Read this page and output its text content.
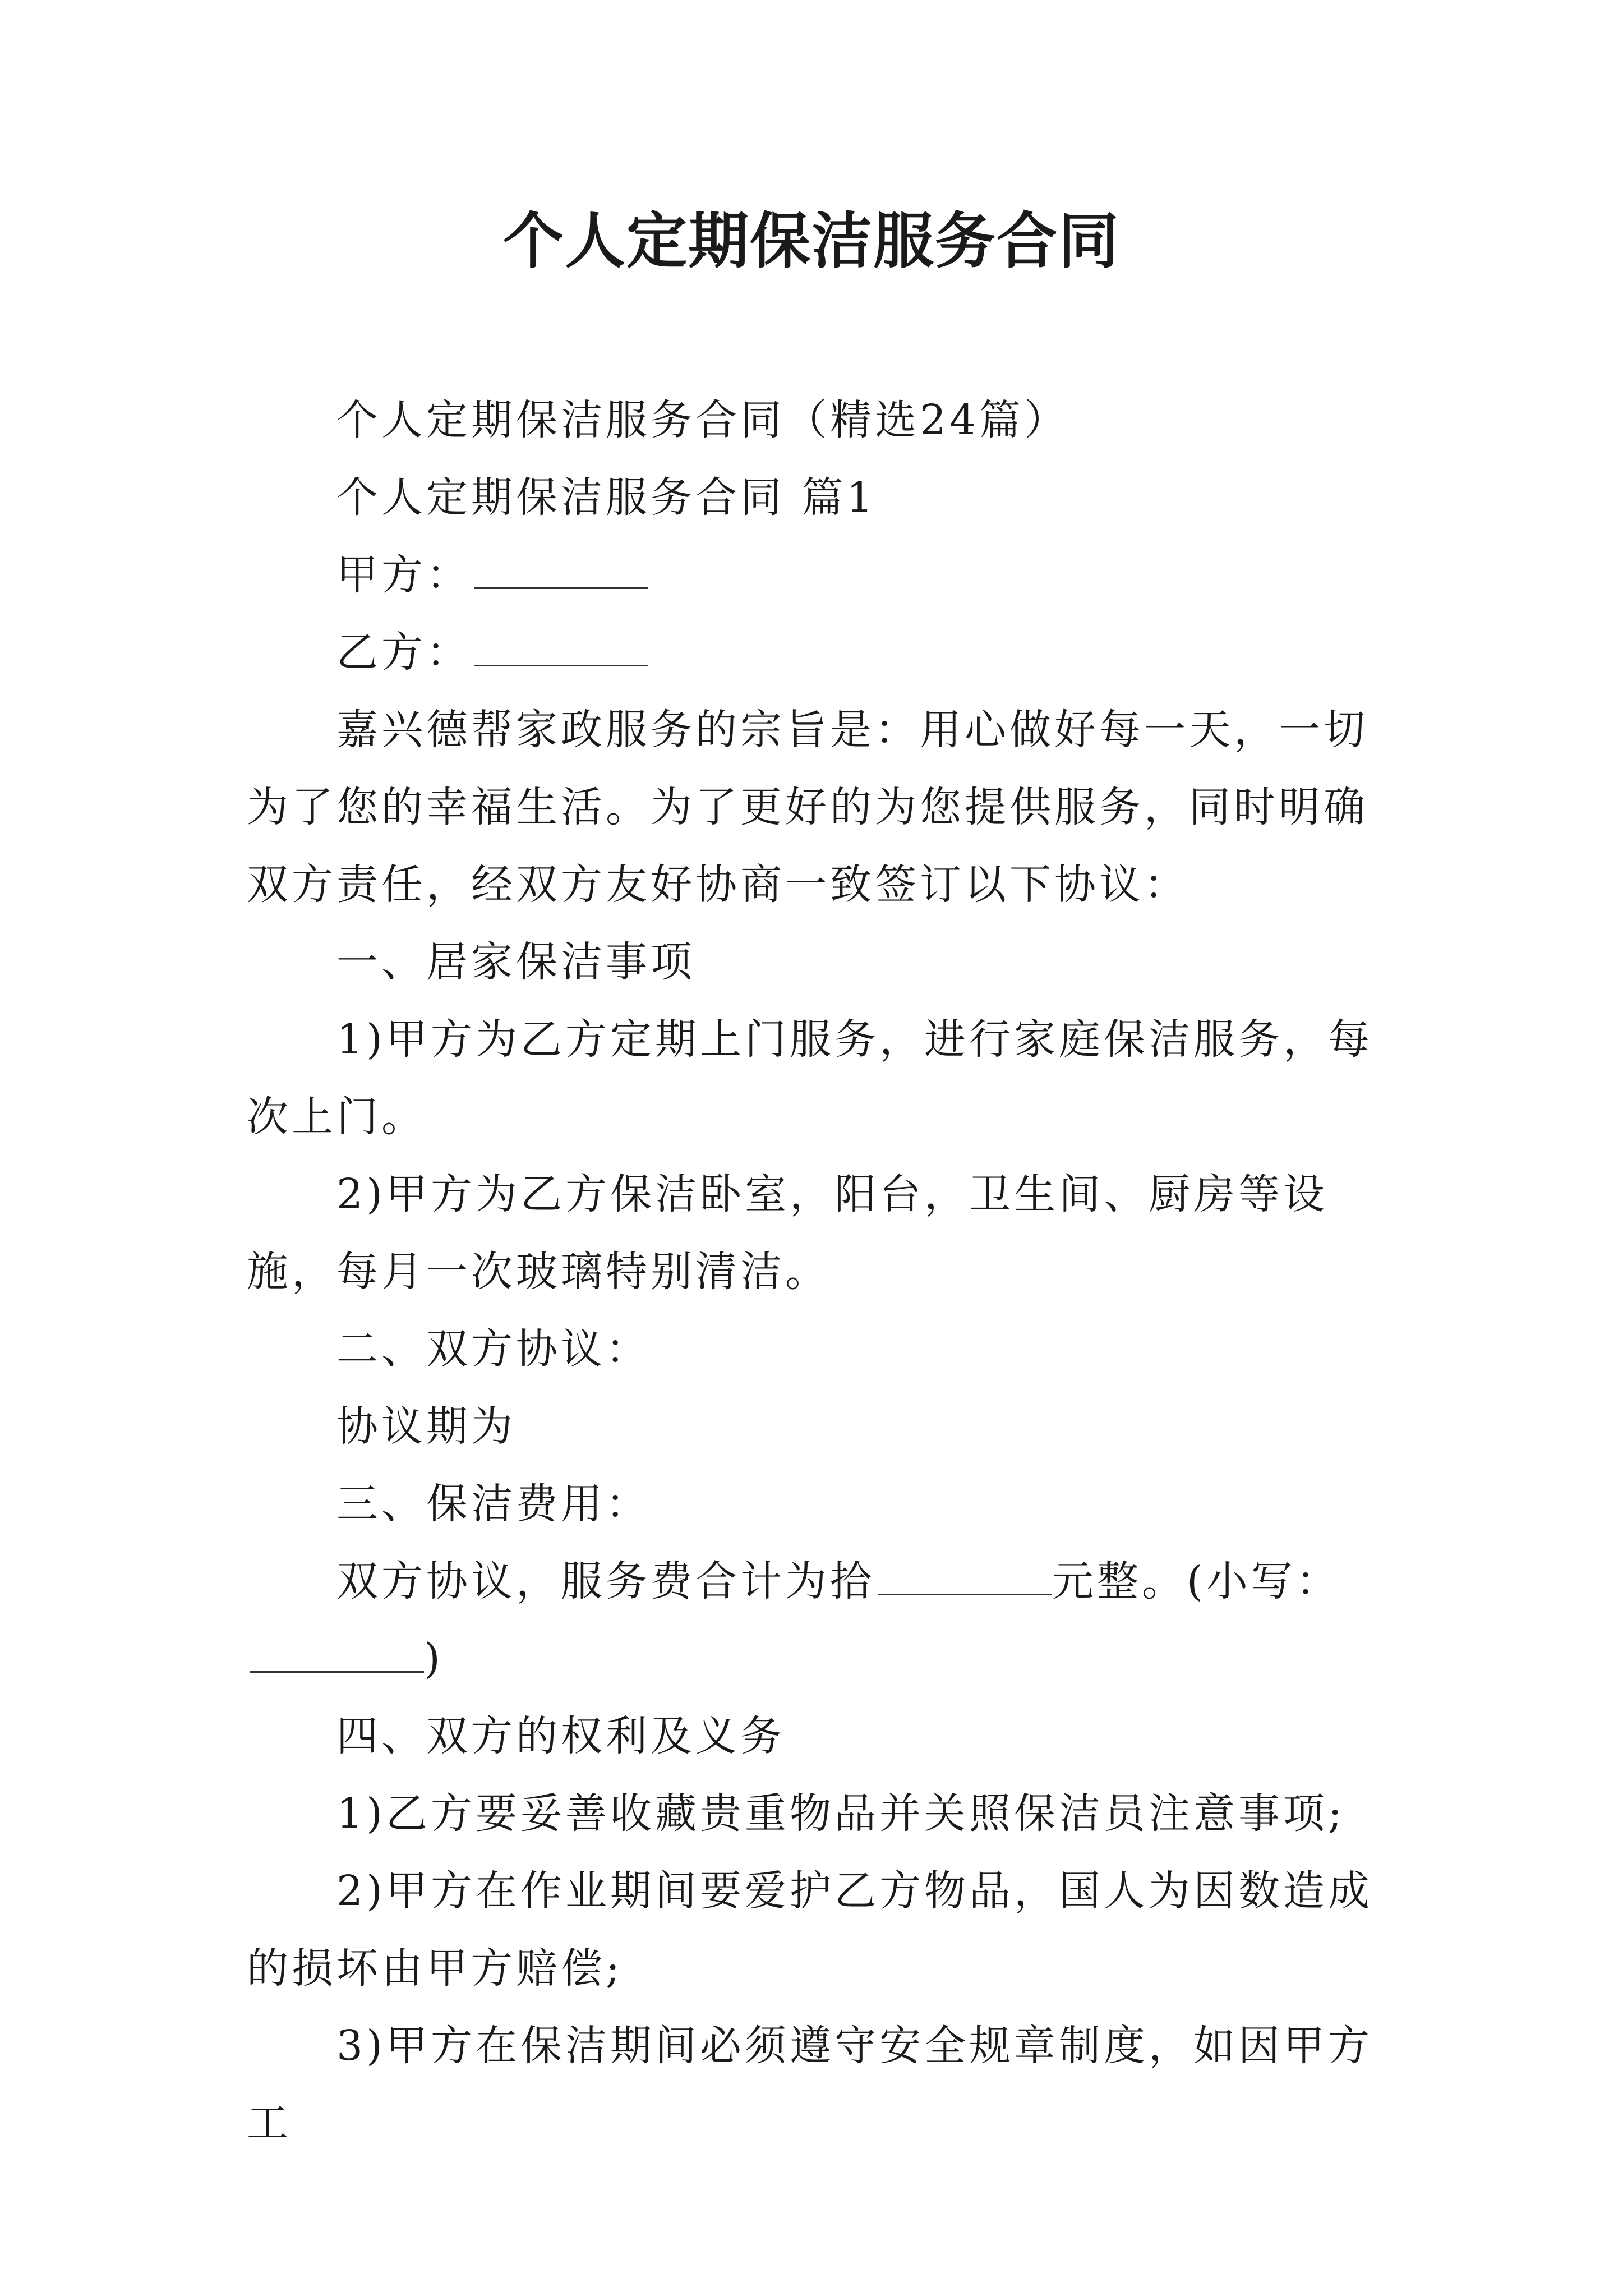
个人定期保洁服务合同

个人定期保洁服务合同（精选24篇）

个人定期保洁服务合同 篇1

甲方：

乙方：

嘉兴德帮家政服务的宗旨是：用心做好每一天，一切为了您的幸福生活。为了更好的为您提供服务，同时明确双方责任，经双方友好协商一致签订以下协议：

一、居家保洁事项

1)甲方为乙方定期上门服务，进行家庭保洁服务，每次上门。

2)甲方为乙方保洁卧室，阳台，卫生间、厨房等设施，每月一次玻璃特别清洁。

二、双方协议：

协议期为

三、保洁费用：

双方协议，服务费合计为拾	元整。(小写：)

四、双方的权利及义务

1)乙方要妥善收藏贵重物品并关照保洁员注意事项;

2)甲方在作业期间要爱护乙方物品，国人为因数造成的损坏由甲方赔偿;

3)甲方在保洁期间必须遵守安全规章制度，如因甲方工
